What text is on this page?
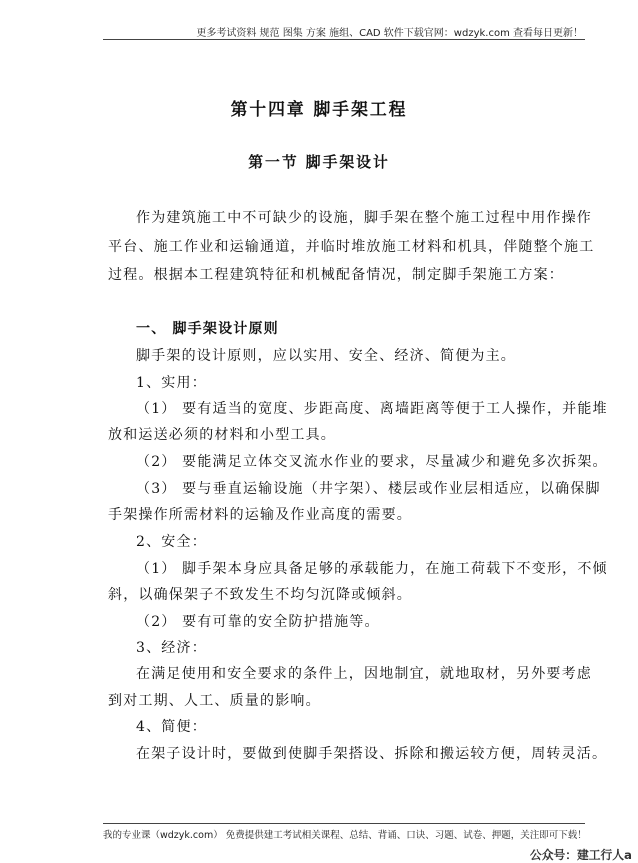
更多考试资料 规范 图集 方案 施组、CAD 软件下载官网：wdzyk.com 查看每日更新！
第十四章 脚手架工程
第一节 脚手架设计
作为建筑施工中不可缺少的设施，脚手架在整个施工过程中用作操作
平台、施工作业和运输通道，并临时堆放施工材料和机具，伴随整个施工
过程。根据本工程建筑特征和机械配备情况，制定脚手架施工方案：
一、 脚手架设计原则
脚手架的设计原则，应以实用、安全、经济、简便为主。
1、实用：
（1） 要有适当的宽度、步距高度、离墙距离等便于工人操作，并能堆
放和运送必须的材料和小型工具。
（2） 要能满足立体交叉流水作业的要求，尽量减少和避免多次拆架。
（3） 要与垂直运输设施（井字架）、楼层或作业层相适应，以确保脚
手架操作所需材料的运输及作业高度的需要。
2、安全：
（1） 脚手架本身应具备足够的承载能力，在施工荷载下不变形，不倾
斜，以确保架子不致发生不均匀沉降或倾斜。
（2） 要有可靠的安全防护措施等。
3、经济：
在满足使用和安全要求的条件上，因地制宜，就地取材，另外要考虑
到对工期、人工、质量的影响。
4、简便：
在架子设计时，要做到使脚手架搭设、拆除和搬运较方便，周转灵活。
我的专业课（wdzyk.com） 免费提供建工考试相关课程、总结、背诵、口诀、习题、试卷、押题，关注即可下载！
公众号：建工行人a
